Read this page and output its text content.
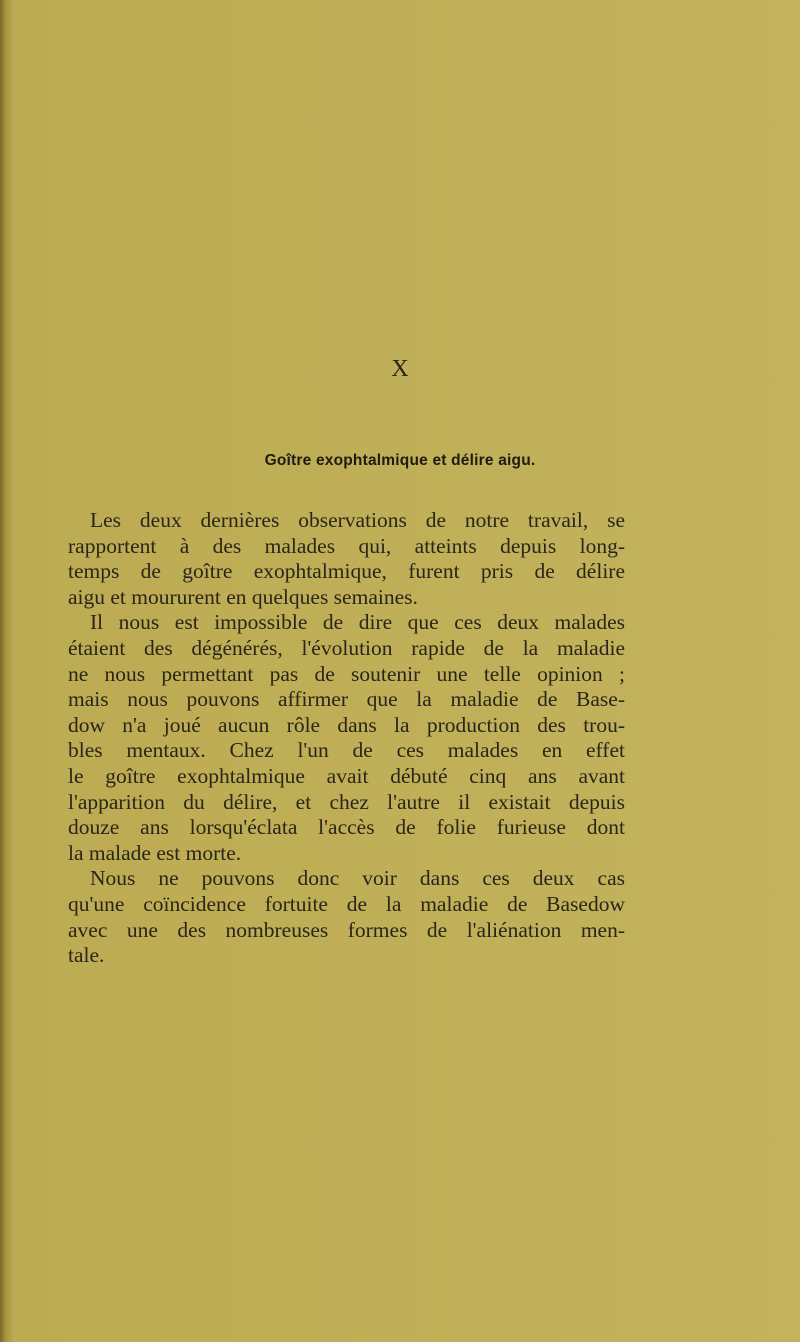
X
Goître exophtalmique et délire aigu.
Les deux dernières observations de notre travail, se
rapportent à des malades qui, atteints depuis long-
temps de goître exophtalmique, furent pris de délire
aigu et moururent en quelques semaines.
Il nous est impossible de dire que ces deux malades
étaient des dégénérés, l'évolution rapide de la maladie
ne nous permettant pas de soutenir une telle opinion ;
mais nous pouvons affirmer que la maladie de Base-
dow n'a joué aucun rôle dans la production des trou-
bles mentaux. Chez l'un de ces malades en effet
le goître exophtalmique avait débuté cinq ans avant
l'apparition du délire, et chez l'autre il existait depuis
douze ans lorsqu'éclata l'accès de folie furieuse dont
la malade est morte.
Nous ne pouvons donc voir dans ces deux cas
qu'une coïncidence fortuite de la maladie de Basedow
avec une des nombreuses formes de l'aliénation men-
tale.
